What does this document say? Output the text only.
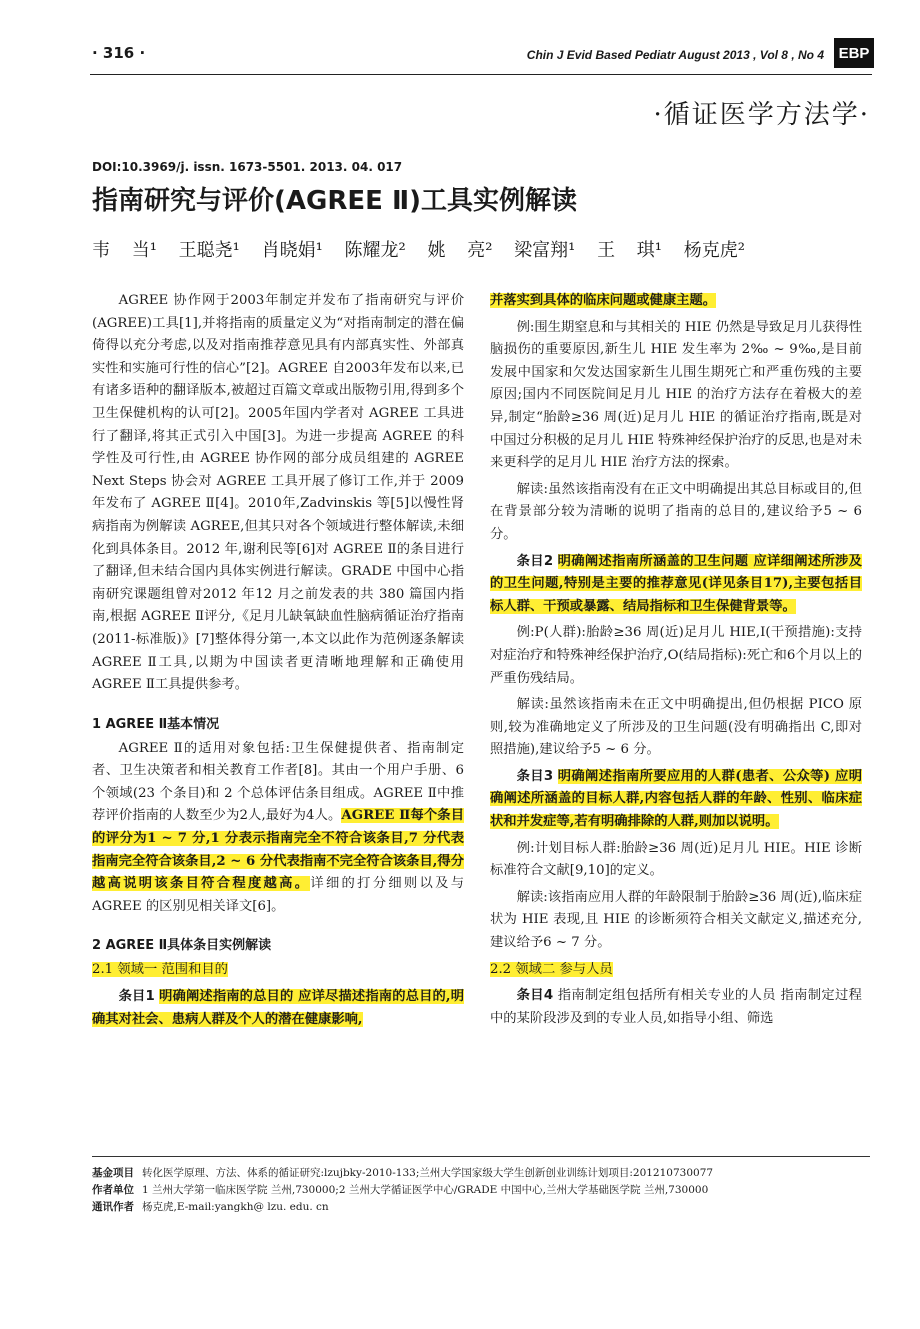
· 316 ·	Chin J Evid Based Pediatr August 2013 , Vol 8 , No 4 EBP
·循证医学方法学·
DOI:10.3969/j. issn. 1673-5501. 2013. 04. 017
指南研究与评价(AGREE Ⅱ)工具实例解读
韦 当¹ 王聪尧¹ 肖晓娟¹ 陈耀龙² 姚 亮² 梁富翔¹ 王 琪¹ 杨克虎²

AGREE 协作网于2003年制定并发布了指南研究与评价(AGREE)工具[1],并将指南的质量定义为“对指南制定的潜在偏倚得以充分考虑,以及对指南推荐意见具有内部真实性、外部真实性和实施可行性的信心”[2]。AGREE 自2003年发布以来,已有诸多语种的翻译版本,被超过百篇文章或出版物引用,得到多个卫生保健机构的认可[2]。2005年国内学者对 AGREE 工具进行了翻译,将其正式引入中国[3]。为进一步提高 AGREE 的科学性及可行性,由 AGREE 协作网的部分成员组建的 AGREE Next Steps 协会对 AGREE 工具开展了修订工作,并于 2009 年发布了 AGREE Ⅱ[4]。2010年,Zadvinskis 等[5]以慢性肾病指南为例解读 AGREE,但其只对各个领域进行整体解读,未细化到具体条目。2012 年,谢利民等[6]对 AGREE Ⅱ的条目进行了翻译,但未结合国内具体实例进行解读。GRADE 中国中心指南研究课题组曾对2012 年12 月之前发表的共 380 篇国内指南,根据 AGREE Ⅱ评分,《足月儿缺氧缺血性脑病循证治疗指南(2011-标准版)》[7]整体得分第一,本文以此作为范例逐条解读 AGREE Ⅱ工具,以期为中国读者更清晰地理解和正确使用 AGREE Ⅱ工具提供参考。

1 AGREE Ⅱ基本情况

AGREE Ⅱ的适用对象包括:卫生保健提供者、指南制定者、卫生决策者和相关教育工作者[8]。其由一个用户手册、6 个领域(23 个条目)和 2 个总体评估条目组成。AGREE Ⅱ中推荐评价指南的人数至少为2人,最好为4人。AGREE Ⅱ每个条目的评分为1 ~ 7 分,1 分表示指南完全不符合该条目,7 分代表指南完全符合该条目,2 ~ 6 分代表指南不完全符合该条目,得分越高说明该条目符合程度越高。详细的打分细则以及与 AGREE 的区别见相关译文[6]。

2 AGREE Ⅱ具体条目实例解读

2.1 领域一 范围和目的

条目1 明确阐述指南的总目的 应详尽描述指南的总目的,明确其对社会、患病人群及个人的潜在健康影响,

并落实到具体的临床问题或健康主题。

例:围生期窒息和与其相关的 HIE 仍然是导致足月儿获得性脑损伤的重要原因,新生儿 HIE 发生率为 2‰ ~ 9‰,是目前发展中国家和欠发达国家新生儿围生期死亡和严重伤残的主要原因;国内不同医院间足月儿 HIE 的治疗方法存在着极大的差异,制定“胎龄≥36 周(近)足月儿 HIE 的循证治疗指南,既是对中国过分积极的足月儿 HIE 特殊神经保护治疗的反思,也是对未来更科学的足月儿 HIE 治疗方法的探索。

解读:虽然该指南没有在正文中明确提出其总目标或目的,但在背景部分较为清晰的说明了指南的总目的,建议给予5 ~ 6 分。

条目2 明确阐述指南所涵盖的卫生问题 应详细阐述所涉及的卫生问题,特别是主要的推荐意见(详见条目17),主要包括目标人群、干预或暴露、结局指标和卫生保健背景等。

例:P(人群):胎龄≥36 周(近)足月儿 HIE,I(干预措施):支持对症治疗和特殊神经保护治疗,O(结局指标):死亡和6个月以上的严重伤残结局。

解读:虽然该指南未在正文中明确提出,但仍根据 PICO 原则,较为准确地定义了所涉及的卫生问题(没有明确指出 C,即对照措施),建议给予5 ~ 6 分。

条目3 明确阐述指南所要应用的人群(患者、公众等) 应明确阐述所涵盖的目标人群,内容包括人群的年龄、性别、临床症状和并发症等,若有明确排除的人群,则加以说明。

例:计划目标人群:胎龄≥36 周(近)足月儿 HIE。HIE 诊断标准符合文献[9,10]的定义。

解读:该指南应用人群的年龄限制于胎龄≥36 周(近),临床症状为 HIE 表现,且 HIE 的诊断须符合相关文献定义,描述充分,建议给予6 ~ 7 分。

2.2 领域二 参与人员

条目4 指南制定组包括所有相关专业的人员 指南制定过程中的某阶段涉及到的专业人员,如指导小组、筛选

基金项目 转化医学原理、方法、体系的循证研究:lzujbky-2010-133;兰州大学国家级大学生创新创业训练计划项目:201210730077
作者单位 1 兰州大学第一临床医学院 兰州,730000;2 兰州大学循证医学中心/GRADE 中国中心,兰州大学基础医学院 兰州,730000
通讯作者 杨克虎,E-mail:yangkh@ lzu. edu. cn
